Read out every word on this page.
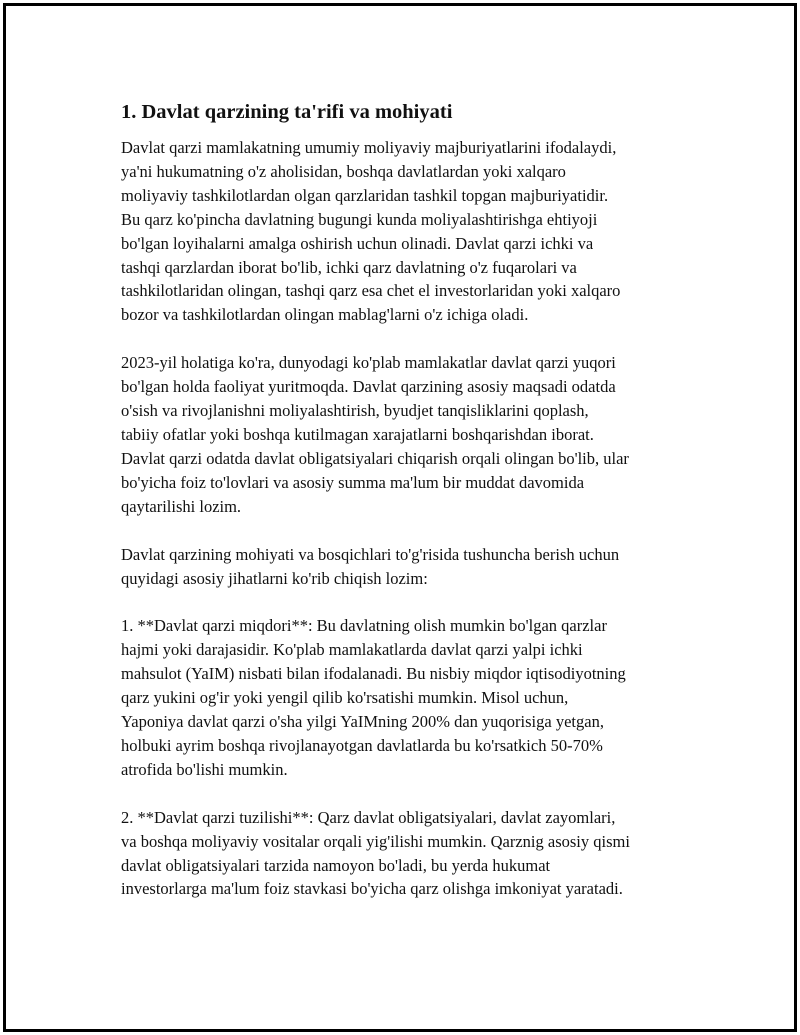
1. Davlat qarzining ta'rifi va mohiyati
Davlat qarzi mamlakatning umumiy moliyaviy majburiyatlarini ifodalaydi,
ya'ni hukumatning o'z aholisidan, boshqa davlatlardan yoki xalqaro
moliyaviy tashkilotlardan olgan qarzlaridan tashkil topgan majburiyatidir.
Bu qarz ko'pincha davlatning bugungi kunda moliyalashtirishga ehtiyoji
bo'lgan loyihalarni amalga oshirish uchun olinadi. Davlat qarzi ichki va
tashqi qarzlardan iborat bo'lib, ichki qarz davlatning o'z fuqarolari va
tashkilotlaridan olingan, tashqi qarz esa chet el investorlaridan yoki xalqaro
bozor va tashkilotlardan olingan mablag'larni o'z ichiga oladi.
2023-yil holatiga ko'ra, dunyodagi ko'plab mamlakatlar davlat qarzi yuqori
bo'lgan holda faoliyat yuritmoqda. Davlat qarzining asosiy maqsadi odatda
o'sish va rivojlanishni moliyalashtirish, byudjet tanqisliklarini qoplash,
tabiiy ofatlar yoki boshqa kutilmagan xarajatlarni boshqarishdan iborat.
Davlat qarzi odatda davlat obligatsiyalari chiqarish orqali olingan bo'lib, ular
bo'yicha foiz to'lovlari va asosiy summa ma'lum bir muddat davomida
qaytarilishi lozim.
Davlat qarzining mohiyati va bosqichlari to'g'risida tushuncha berish uchun
quyidagi asosiy jihatlarni ko'rib chiqish lozim:
1. **Davlat qarzi miqdori**: Bu davlatning olish mumkin bo'lgan qarzlar
hajmi yoki darajasidir. Ko'plab mamlakatlarda davlat qarzi yalpi ichki
mahsulot (YaIM) nisbati bilan ifodalanadi. Bu nisbiy miqdor iqtisodiyotning
qarz yukini og'ir yoki yengil qilib ko'rsatishi mumkin. Misol uchun,
Yaponiya davlat qarzi o'sha yilgi YaIMning 200% dan yuqorisiga yetgan,
holbuki ayrim boshqa rivojlanayotgan davlatlarda bu ko'rsatkich 50-70%
atrofida bo'lishi mumkin.
2. **Davlat qarzi tuzilishi**: Qarz davlat obligatsiyalari, davlat zayomlari,
va boshqa moliyaviy vositalar orqali yig'ilishi mumkin. Qarznig asosiy qismi
davlat obligatsiyalari tarzida namoyon bo'ladi, bu yerda hukumat
investorlarga ma'lum foiz stavkasi bo'yicha qarz olishga imkoniyat yaratadi.
